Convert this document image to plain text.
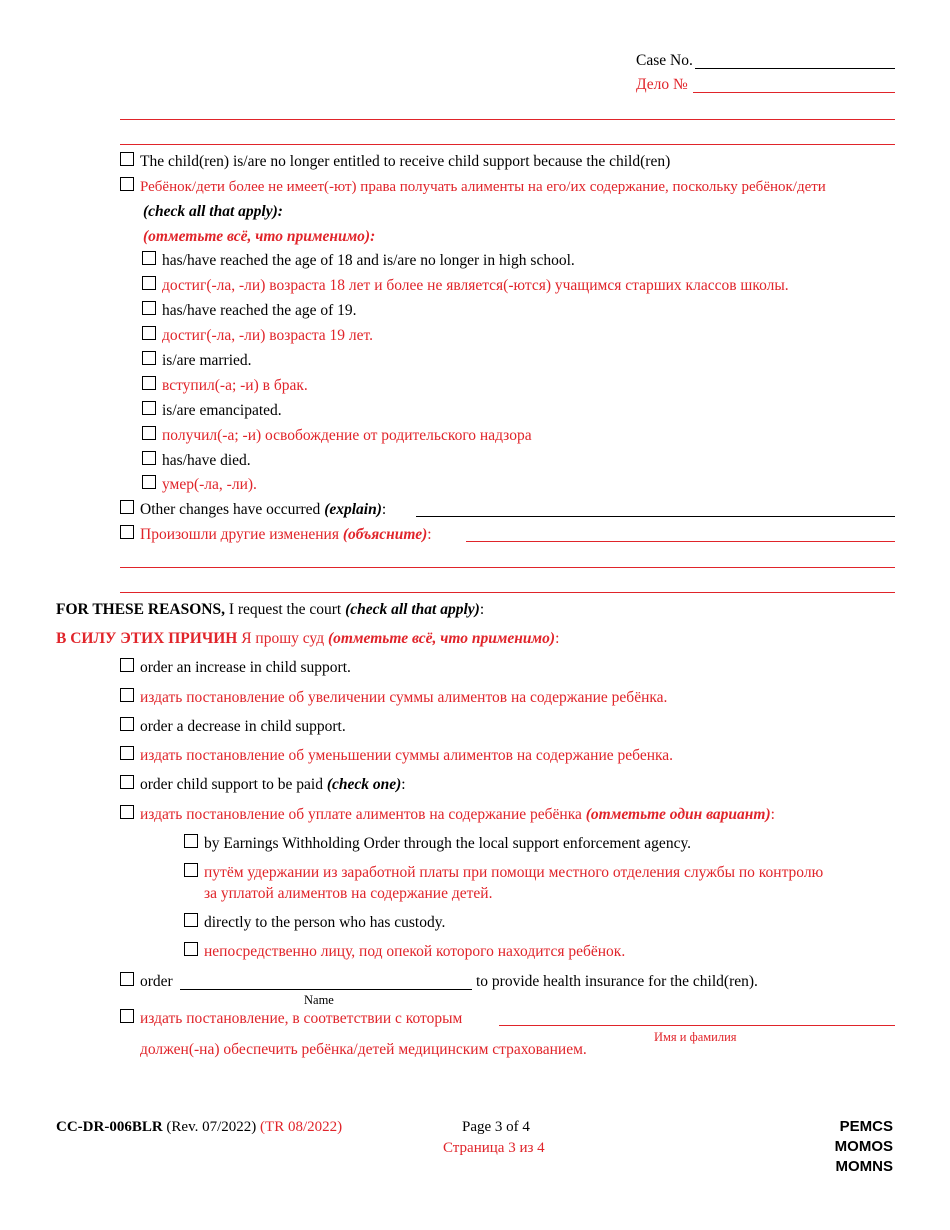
Case No.
Дело №
The child(ren) is/are no longer entitled to receive child support because the child(ren)
Ребёнок/дети более не имеет(-ют) права получать алименты на его/их содержание, поскольку ребёнок/дети
(check all that apply):
(отметьте всё, что применимо):
has/have reached the age of 18 and is/are no longer in high school.
достиг(-ла, -ли) возраста 18 лет и более не является(-ются) учащимся старших классов школы.
has/have reached the age of 19.
достиг(-ла, -ли) возраста 19 лет.
is/are married.
вступил(-а; -и) в брак.
is/are emancipated.
получил(-а; -и) освобождение от родительского надзора
has/have died.
умер(-ла, -ли).
Other changes have occurred (explain):
Произошли другие изменения (объясните):
FOR THESE REASONS, I request the court (check all that apply):
В СИЛУ ЭТИХ ПРИЧИН Я прошу суд (отметьте всё, что применимо):
order an increase in child support.
издать постановление об увеличении суммы алиментов на содержание ребёнка.
order a decrease in child support.
издать постановление об уменьшении суммы алиментов на содержание ребенка.
order child support to be paid (check one):
издать постановление об уплате алиментов на содержание ребёнка (отметьте один вариант):
by Earnings Withholding Order through the local support enforcement agency.
путём удержании из заработной платы при помощи местного отделения службы по контролю
за уплатой алиментов на содержание детей.
directly to the person who has custody.
непосредственно лицу, под опекой которого находится ребёнок.
order	to provide health insurance for the child(ren).
Name
издать постановление, в соответствии с которым
Имя и фамилия
должен(-на) обеспечить ребёнка/детей медицинским страхованием.
CC-DR-006BLR (Rev. 07/2022) (TR 08/2022)	Page 3 of 4
Страница 3 из 4
PEMCS
MOMOS
MOMNS
